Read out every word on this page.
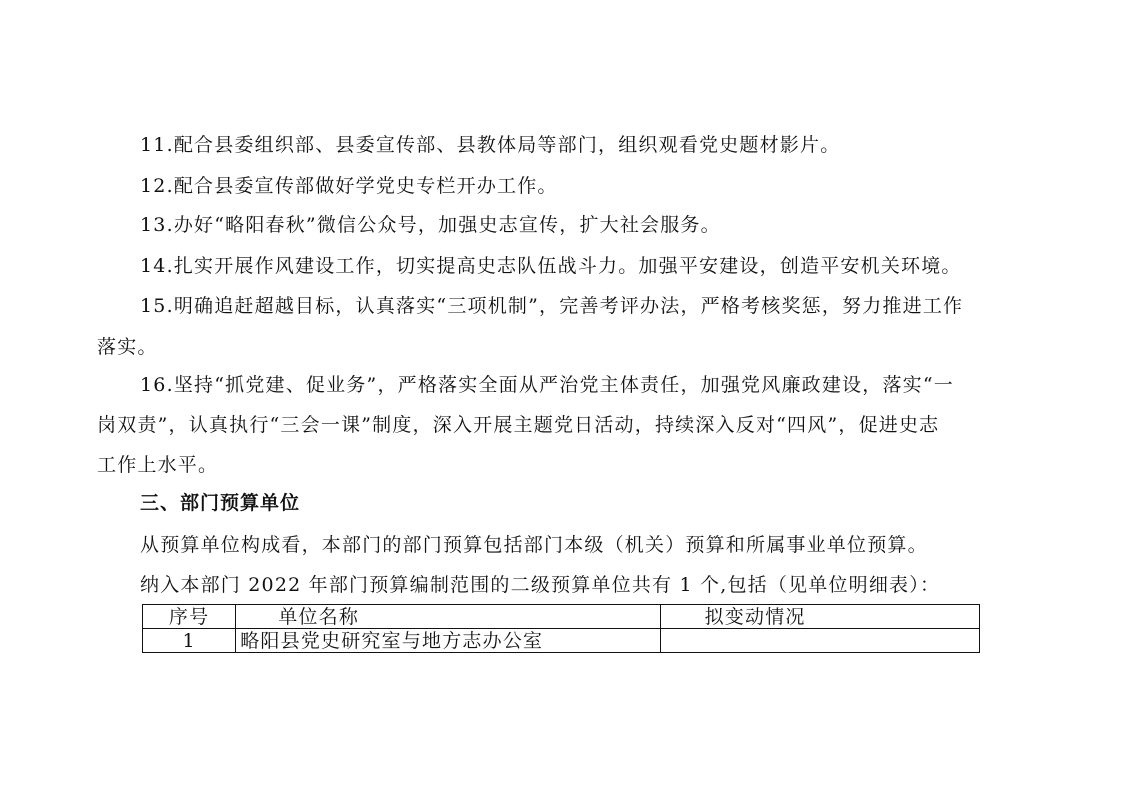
11.配合县委组织部、县委宣传部、县教体局等部门，组织观看党史题材影片。
12.配合县委宣传部做好学党史专栏开办工作。
13.办好“略阳春秋”微信公众号，加强史志宣传，扩大社会服务。
14.扎实开展作风建设工作，切实提高史志队伍战斗力。加强平安建设，创造平安机关环境。
15.明确追赶超越目标，认真落实“三项机制”，完善考评办法，严格考核奖惩，努力推进工作
落实。
16.坚持“抓党建、促业务”，严格落实全面从严治党主体责任，加强党风廉政建设，落实“一
岗双责”，认真执行“三会一课”制度，深入开展主题党日活动，持续深入反对“四风”，促进史志
工作上水平。
三、部门预算单位
从预算单位构成看，本部门的部门预算包括部门本级（机关）预算和所属事业单位预算。
纳入本部门 2022 年部门预算编制范围的二级预算单位共有 1 个,包括（见单位明细表）：
序号	单位名称	拟变动情况
1	略阳县党史研究室与地方志办公室	
